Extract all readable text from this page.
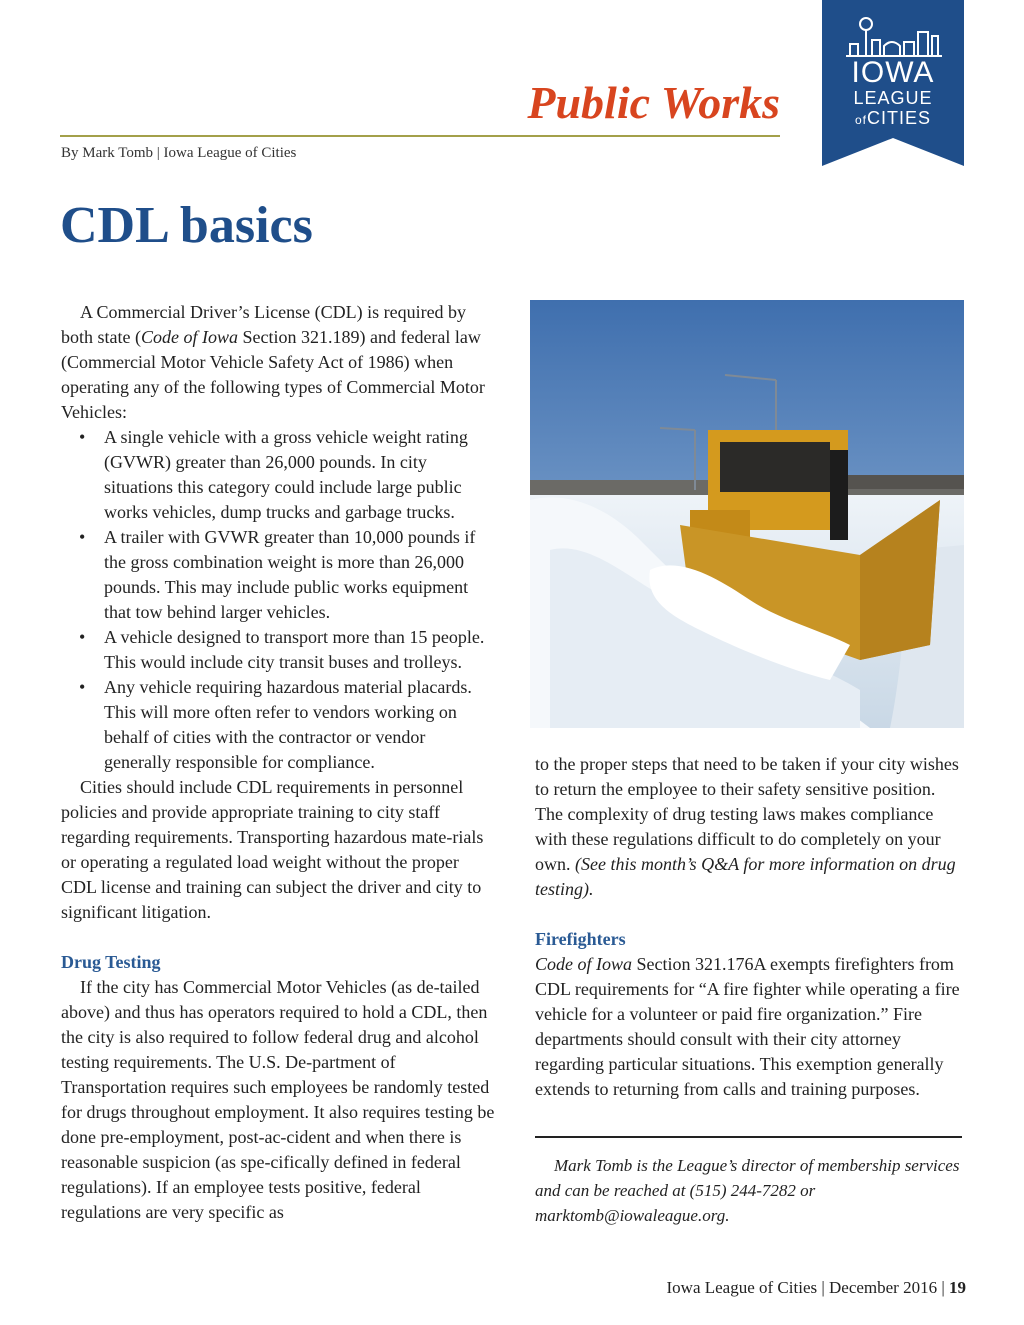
Public Works
By Mark Tomb | Iowa League of Cities
IOWA
LEAGUE
ofCITIES
CDL basics

A Commercial Driver’s License (CDL) is required by both state (Code of Iowa Section 321.189) and federal law (Commercial Motor Vehicle Safety Act of 1986) when operating any of the following types of Commercial Motor Vehicles:

• A single vehicle with a gross vehicle weight rating (GVWR) greater than 26,000 pounds. In city situations this category could include large public works vehicles, dump trucks and garbage trucks.
• A trailer with GVWR greater than 10,000 pounds if the gross combination weight is more than 26,000 pounds. This may include public works equipment that tow behind larger vehicles.
• A vehicle designed to transport more than 15 people. This would include city transit buses and trolleys.
• Any vehicle requiring hazardous material placards. This will more often refer to vendors working on behalf of cities with the contractor or vendor generally responsible for compliance.

Cities should include CDL requirements in personnel policies and provide appropriate training to city staff regarding requirements. Transporting hazardous mate-rials or operating a regulated load weight without the proper CDL license and training can subject the driver and city to significant litigation.

Drug Testing

If the city has Commercial Motor Vehicles (as de-tailed above) and thus has operators required to hold a CDL, then the city is also required to follow federal drug and alcohol testing requirements. The U.S. De-partment of Transportation requires such employees be randomly tested for drugs throughout employment. It also requires testing be done pre-employment, post-ac-cident and when there is reasonable suspicion (as spe-cifically defined in federal regulations). If an employee tests positive, federal regulations are very specific as

to the proper steps that need to be taken if your city wishes to return the employee to their safety sensitive position. The complexity of drug testing laws makes compliance with these regulations difficult to do completely on your own. (See this month’s Q&A for more information on drug testing).

Firefighters

Code of Iowa Section 321.176A exempts firefighters from CDL requirements for “A fire fighter while operating a fire vehicle for a volunteer or paid fire organization.” Fire departments should consult with their city attorney regarding particular situations. This exemption generally extends to returning from calls and training purposes.

Mark Tomb is the League’s director of membership services and can be reached at (515) 244-7282 or marktomb@iowaleague.org.
Iowa League of Cities | December 2016 | 19
